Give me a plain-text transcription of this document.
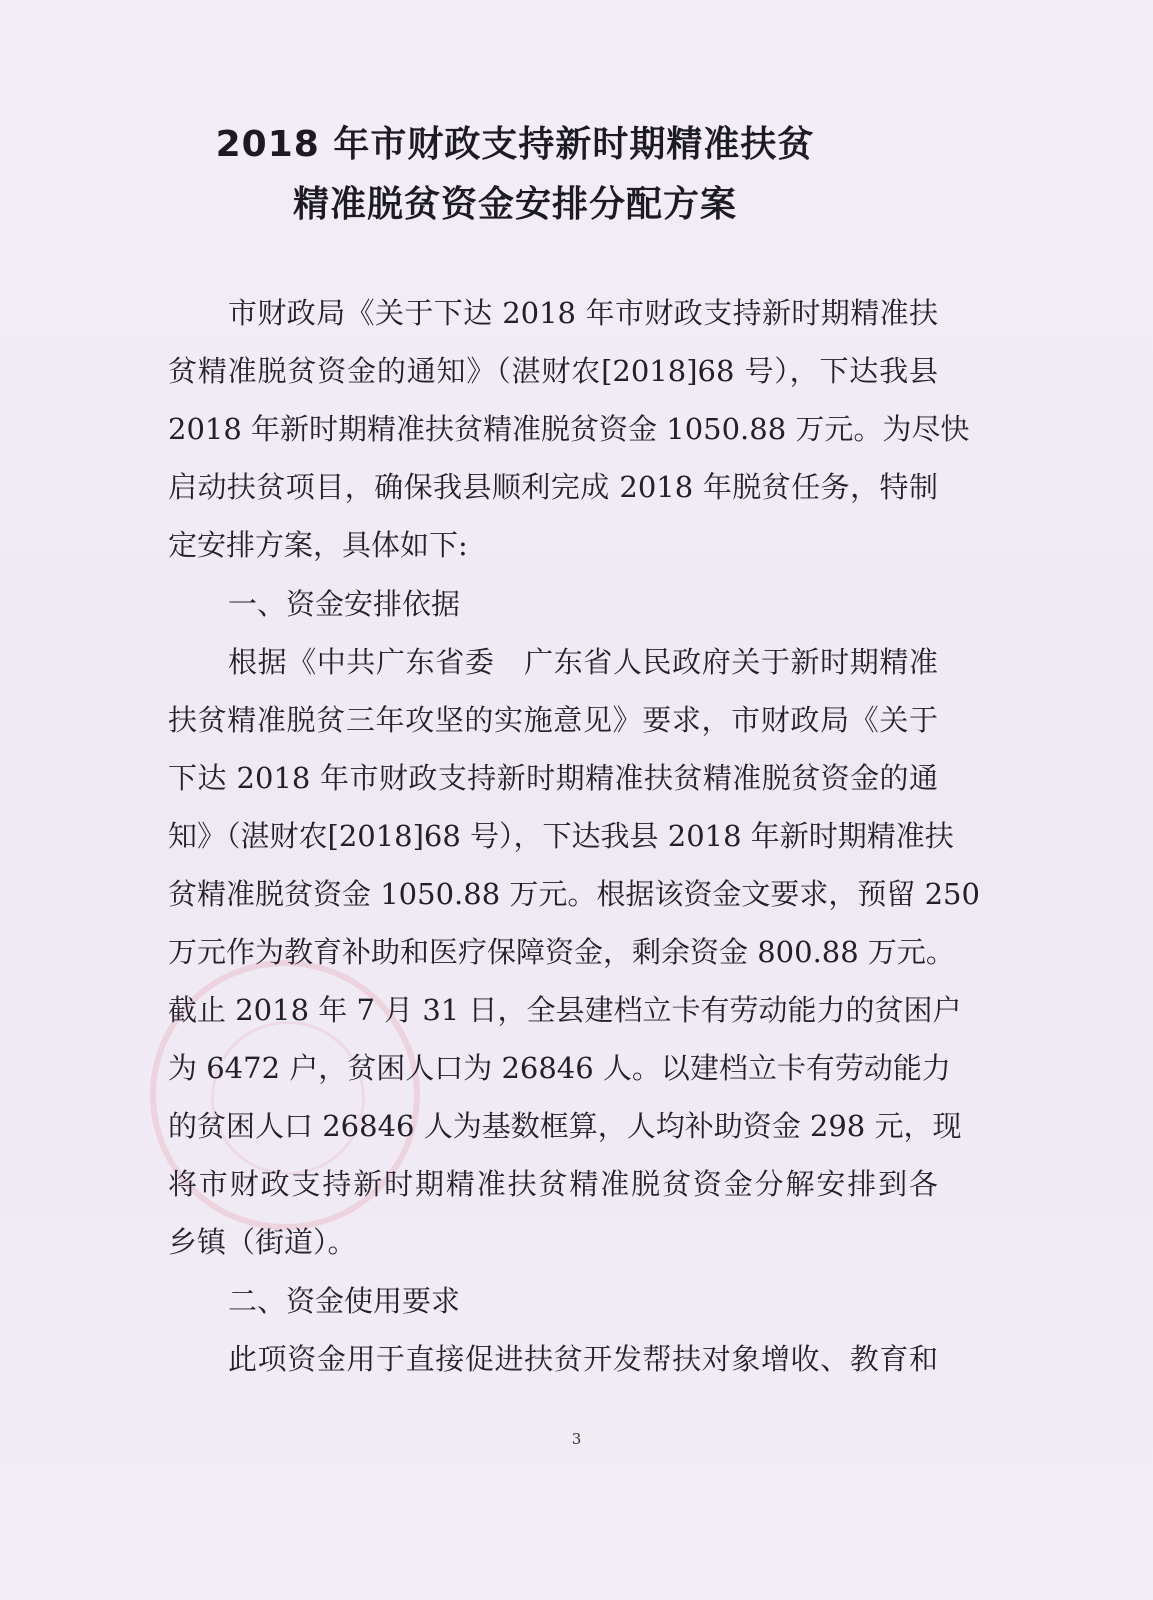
2018 年市财政支持新时期精准扶贫
精准脱贫资金安排分配方案
市财政局《关于下达 2018 年市财政支持新时期精准扶
贫精准脱贫资金的通知》（湛财农[2018]68 号），下达我县
2018 年新时期精准扶贫精准脱贫资金 1050.88 万元。为尽快
启动扶贫项目，确保我县顺利完成 2018 年脱贫任务，特制
定安排方案，具体如下:
一、资金安排依据
根据《中共广东省委　广东省人民政府关于新时期精准
扶贫精准脱贫三年攻坚的实施意见》要求，市财政局《关于
下达 2018 年市财政支持新时期精准扶贫精准脱贫资金的通
知》（湛财农[2018]68 号），下达我县 2018 年新时期精准扶
贫精准脱贫资金 1050.88 万元。根据该资金文要求，预留 250
万元作为教育补助和医疗保障资金，剩余资金 800.88 万元。
截止 2018 年 7 月 31 日，全县建档立卡有劳动能力的贫困户
为 6472 户，贫困人口为 26846 人。以建档立卡有劳动能力
的贫困人口 26846 人为基数框算，人均补助资金 298 元，现
将市财政支持新时期精准扶贫精准脱贫资金分解安排到各
乡镇（街道）。
二、资金使用要求
此项资金用于直接促进扶贫开发帮扶对象增收、教育和
3
